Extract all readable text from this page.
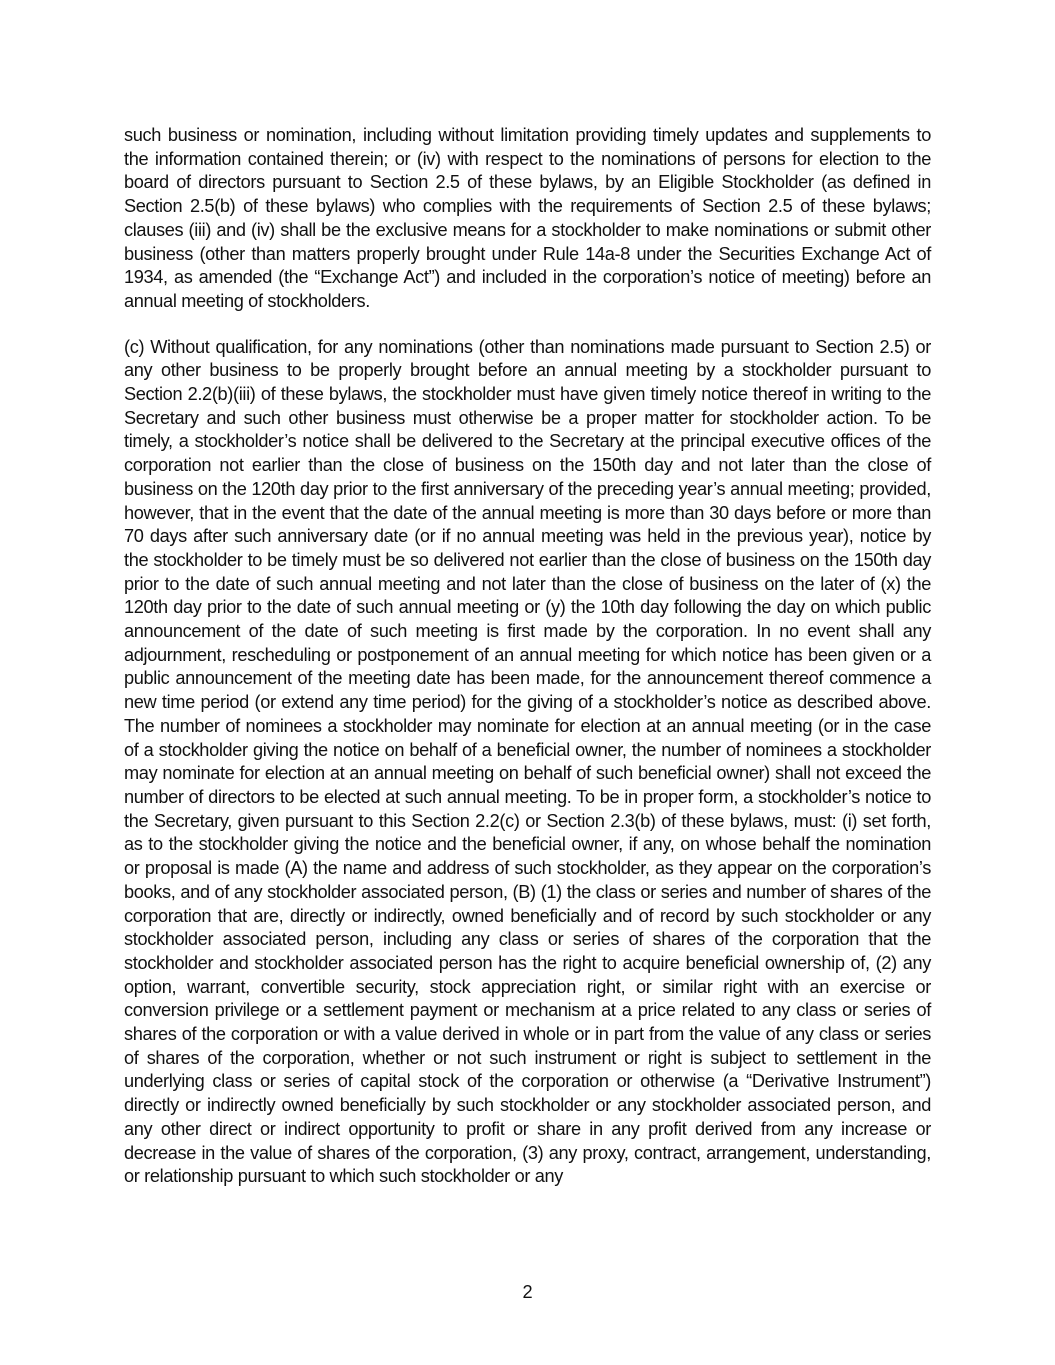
such business or nomination, including without limitation providing timely updates and supplements to the information contained therein; or (iv) with respect to the nominations of persons for election to the board of directors pursuant to Section 2.5 of these bylaws, by an Eligible Stockholder (as defined in Section 2.5(b) of these bylaws) who complies with the requirements of Section 2.5 of these bylaws; clauses (iii) and (iv) shall be the exclusive means for a stockholder to make nominations or submit other business (other than matters properly brought under Rule 14a-8 under the Securities Exchange Act of 1934, as amended (the “Exchange Act”) and included in the corporation’s notice of meeting) before an annual meeting of stockholders.

(c) Without qualification, for any nominations (other than nominations made pursuant to Section 2.5) or any other business to be properly brought before an annual meeting by a stockholder pursuant to Section 2.2(b)(iii) of these bylaws, the stockholder must have given timely notice thereof in writing to the Secretary and such other business must otherwise be a proper matter for stockholder action. To be timely, a stockholder’s notice shall be delivered to the Secretary at the principal executive offices of the corporation not earlier than the close of business on the 150th day and not later than the close of business on the 120th day prior to the first anniversary of the preceding year’s annual meeting; provided, however, that in the event that the date of the annual meeting is more than 30 days before or more than 70 days after such anniversary date (or if no annual meeting was held in the previous year), notice by the stockholder to be timely must be so delivered not earlier than the close of business on the 150th day prior to the date of such annual meeting and not later than the close of business on the later of (x) the 120th day prior to the date of such annual meeting or (y) the 10th day following the day on which public announcement of the date of such meeting is first made by the corporation. In no event shall any adjournment, rescheduling or postponement of an annual meeting for which notice has been given or a public announcement of the meeting date has been made, for the announcement thereof commence a new time period (or extend any time period) for the giving of a stockholder’s notice as described above. The number of nominees a stockholder may nominate for election at an annual meeting (or in the case of a stockholder giving the notice on behalf of a beneficial owner, the number of nominees a stockholder may nominate for election at an annual meeting on behalf of such beneficial owner) shall not exceed the number of directors to be elected at such annual meeting. To be in proper form, a stockholder’s notice to the Secretary, given pursuant to this Section 2.2(c) or Section 2.3(b) of these bylaws, must: (i) set forth, as to the stockholder giving the notice and the beneficial owner, if any, on whose behalf the nomination or proposal is made (A) the name and address of such stockholder, as they appear on the corporation’s books, and of any stockholder associated person, (B) (1) the class or series and number of shares of the corporation that are, directly or indirectly, owned beneficially and of record by such stockholder or any stockholder associated person, including any class or series of shares of the corporation that the stockholder and stockholder associated person has the right to acquire beneficial ownership of, (2) any option, warrant, convertible security, stock appreciation right, or similar right with an exercise or conversion privilege or a settlement payment or mechanism at a price related to any class or series of shares of the corporation or with a value derived in whole or in part from the value of any class or series of shares of the corporation, whether or not such instrument or right is subject to settlement in the underlying class or series of capital stock of the corporation or otherwise (a “Derivative Instrument”) directly or indirectly owned beneficially by such stockholder or any stockholder associated person, and any other direct or indirect opportunity to profit or share in any profit derived from any increase or decrease in the value of shares of the corporation, (3) any proxy, contract, arrangement, understanding, or relationship pursuant to which such stockholder or any

2
